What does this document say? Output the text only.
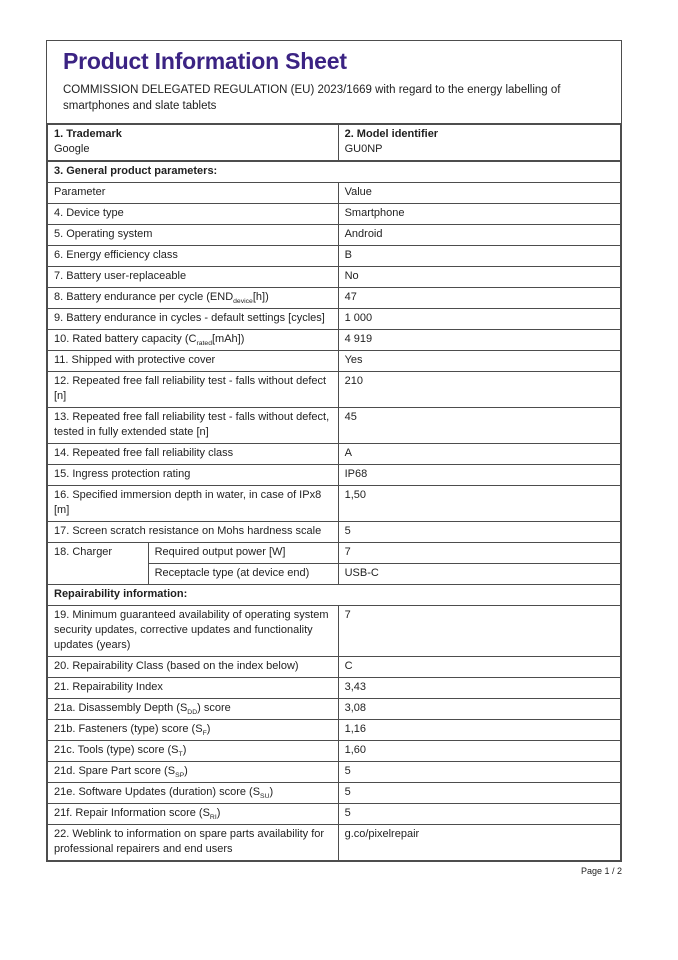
Product Information Sheet
COMMISSION DELEGATED REGULATION (EU) 2023/1669 with regard to the energy labelling of smartphones and slate tablets
1. Trademark
Google

2. Model identifier
GU0NP

3. General product parameters:		
Parameter		Value
4. Device type		Smartphone
5. Operating system		Android
6. Energy efficiency class		B
7. Battery user-replaceable		No
8. Battery endurance per cycle $(END_{device}[h])$		47
9. Battery endurance in cycles - default settings [cycles]		1 000
10. Rated battery capacity $(C_{rated}[mAh])$		4 919
11. Shipped with protective cover		Yes
12. Repeated free fall reliability test - falls without defect [n]		210
13. Repeated free fall reliability test - falls without defect, tested in fully extended state [n]		45
14. Repeated free fall reliability class		A
15. Ingress protection rating		IP68
16. Specified immersion depth in water, in case of IPx8 [m]		1,50
17. Screen scratch resistance on Mohs hardness scale		5
18. Charger	Required output power [W]	7
	Receptacle type (at device end)	USB-C
Repairability information:		
19. Minimum guaranteed availability of operating system security updates, corrective updates and functionality updates (years)		7
20. Repairability Class (based on the index below)		C
21. Repairability Index		3,43
21a. Disassembly Depth $(S_{DD})$ score		3,08
21b. Fasteners (type) score $(S_F)$		1,16
21c. Tools (type) score $(S_T)$		1,60
21d. Spare Part score $(S_{SP})$		5
21e. Software Updates (duration) score $(S_{SU})$		5
21f. Repair Information score $(S_{RI})$		5
22. Weblink to information on spare parts availability for professional repairers and end users		g.co/pixelrepair
Page 1 / 2
